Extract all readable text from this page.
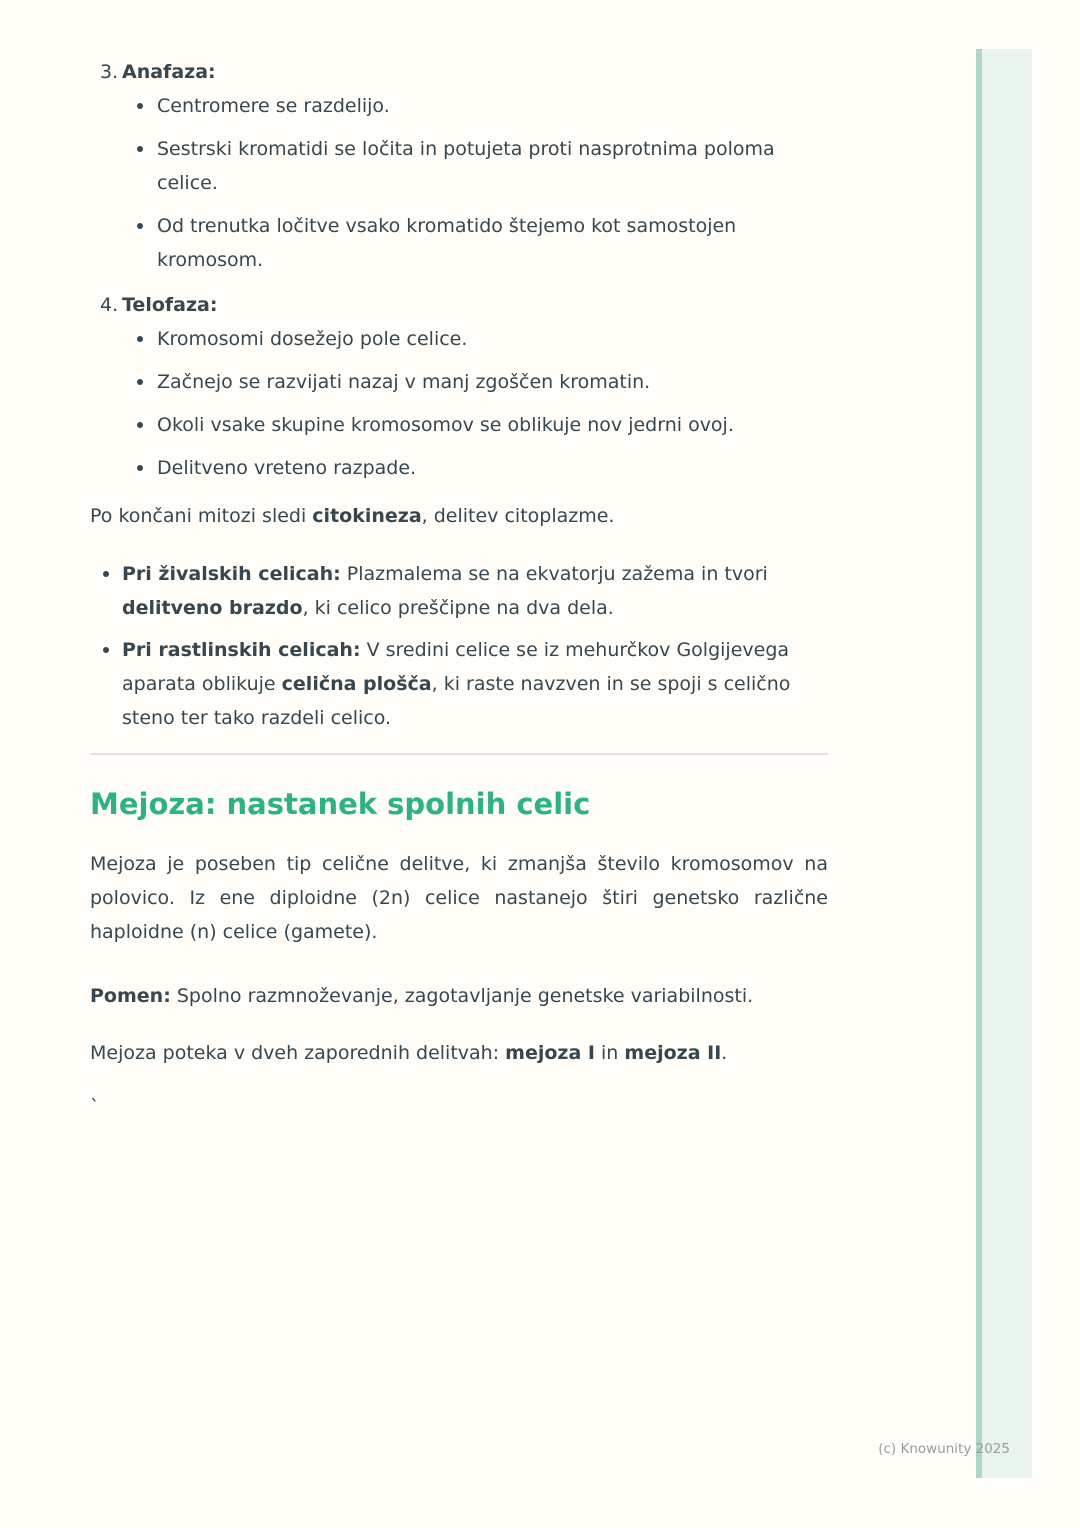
3. Anafaza:
Centromere se razdelijo.
Sestrski kromatidi se ločita in potujeta proti nasprotnima poloma celice.
Od trenutka ločitve vsako kromatido štejemo kot samostojen kromosom.
4. Telofaza:
Kromosomi dosežejo pole celice.
Začnejo se razvijati nazaj v manj zgoščen kromatin.
Okoli vsake skupine kromosomov se oblikuje nov jedrni ovoj.
Delitveno vreteno razpade.

Po končani mitozi sledi citokineza, delitev citoplazme.

Pri živalskih celicah: Plazmalema se na ekvatorju zažema in tvori delitveno brazdo, ki celico preščipne na dva dela.
Pri rastlinskih celicah: V sredini celice se iz mehurčkov Golgijevega aparata oblikuje celična plošča, ki raste navzven in se spoji s celično steno ter tako razdeli celico.
Mejoza: nastanek spolnih celic

Mejoza je poseben tip celične delitve, ki zmanjša število kromosomov na polovico. Iz ene diploidne (2n) celice nastanejo štiri genetsko različne haploidne (n) celice (gamete).

Pomen: Spolno razmnoževanje, zagotavljanje genetske variabilnosti.

Mejoza poteka v dveh zaporednih delitvah: mejoza I in mejoza II.

`

(c) Knowunity 2025
